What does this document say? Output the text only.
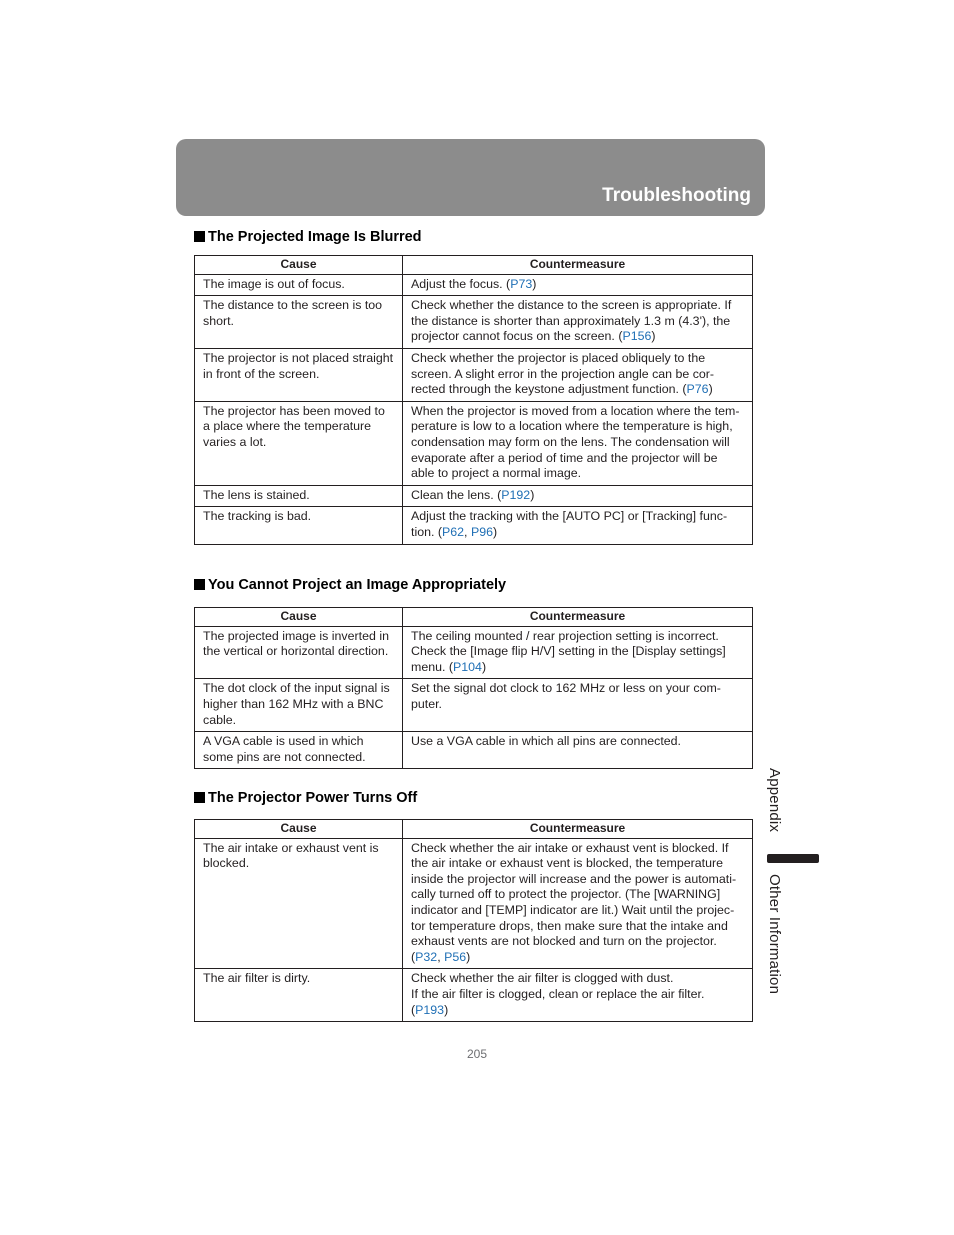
Troubleshooting
The Projected Image Is Blurred
Cause	Countermeasure
The image is out of focus.	Adjust the focus. (P73)
The distance to the screen is too short.	Check whether the distance to the screen is appropriate. If the distance is shorter than approximately 1.3 m (4.3'), the projector cannot focus on the screen. (P156)
The projector is not placed straight in front of the screen.	Check whether the projector is placed obliquely to the screen. A slight error in the projection angle can be cor-rected through the keystone adjustment function. (P76)
The projector has been moved to a place where the temperature varies a lot.	When the projector is moved from a location where the tem-perature is low to a location where the temperature is high, condensation may form on the lens. The condensation will evaporate after a period of time and the projector will be able to project a normal image.
The lens is stained.	Clean the lens. (P192)
The tracking is bad.	Adjust the tracking with the [AUTO PC] or [Tracking] func-tion. (P62, P96)
You Cannot Project an Image Appropriately
Cause	Countermeasure
The projected image is inverted in the vertical or horizontal direction.	The ceiling mounted / rear projection setting is incorrect. Check the [Image flip H/V] setting in the [Display settings] menu. (P104)
The dot clock of the input signal is higher than 162 MHz with a BNC cable.	Set the signal dot clock to 162 MHz or less on your com-puter.
A VGA cable is used in which some pins are not connected.	Use a VGA cable in which all pins are connected.
The Projector Power Turns Off
Cause	Countermeasure
The air intake or exhaust vent is blocked.	Check whether the air intake or exhaust vent is blocked. If the air intake or exhaust vent is blocked, the temperature inside the projector will increase and the power is automati-cally turned off to protect the projector. (The [WARNING] indicator and [TEMP] indicator are lit.) Wait until the projec-tor temperature drops, then make sure that the intake and exhaust vents are not blocked and turn on the projector. (P32, P56)
The air filter is dirty.	Check whether the air filter is clogged with dust.
If the air filter is clogged, clean or replace the air filter. (P193)
Appendix
Other Information
205
